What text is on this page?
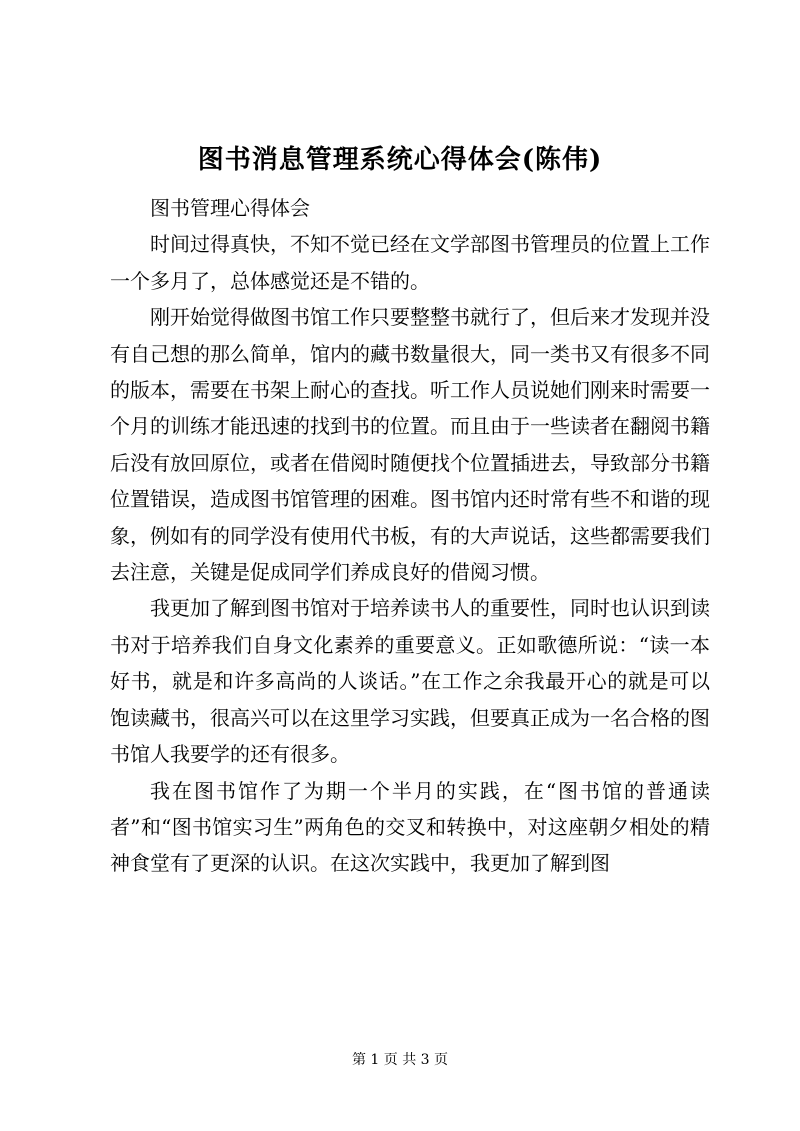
图书消息管理系统心得体会(陈伟)

图书管理心得体会

时间过得真快，不知不觉已经在文学部图书管理员的位置上工作一个多月了，总体感觉还是不错的。

刚开始觉得做图书馆工作只要整整书就行了，但后来才发现并没有自己想的那么简单，馆内的藏书数量很大，同一类书又有很多不同的版本，需要在书架上耐心的查找。听工作人员说她们刚来时需要一个月的训练才能迅速的找到书的位置。而且由于一些读者在翻阅书籍后没有放回原位，或者在借阅时随便找个位置插进去，导致部分书籍位置错误，造成图书馆管理的困难。图书馆内还时常有些不和谐的现象，例如有的同学没有使用代书板，有的大声说话，这些都需要我们去注意，关键是促成同学们养成良好的借阅习惯。

我更加了解到图书馆对于培养读书人的重要性，同时也认识到读书对于培养我们自身文化素养的重要意义。正如歌德所说：“读一本好书，就是和许多高尚的人谈话。”在工作之余我最开心的就是可以饱读藏书，很高兴可以在这里学习实践，但要真正成为一名合格的图书馆人我要学的还有很多。

我在图书馆作了为期一个半月的实践，在“图书馆的普通读者”和“图书馆实习生”两角色的交叉和转换中，对这座朝夕相处的精神食堂有了更深的认识。在这次实践中，我更加了解到图

第 1 页 共 3 页
